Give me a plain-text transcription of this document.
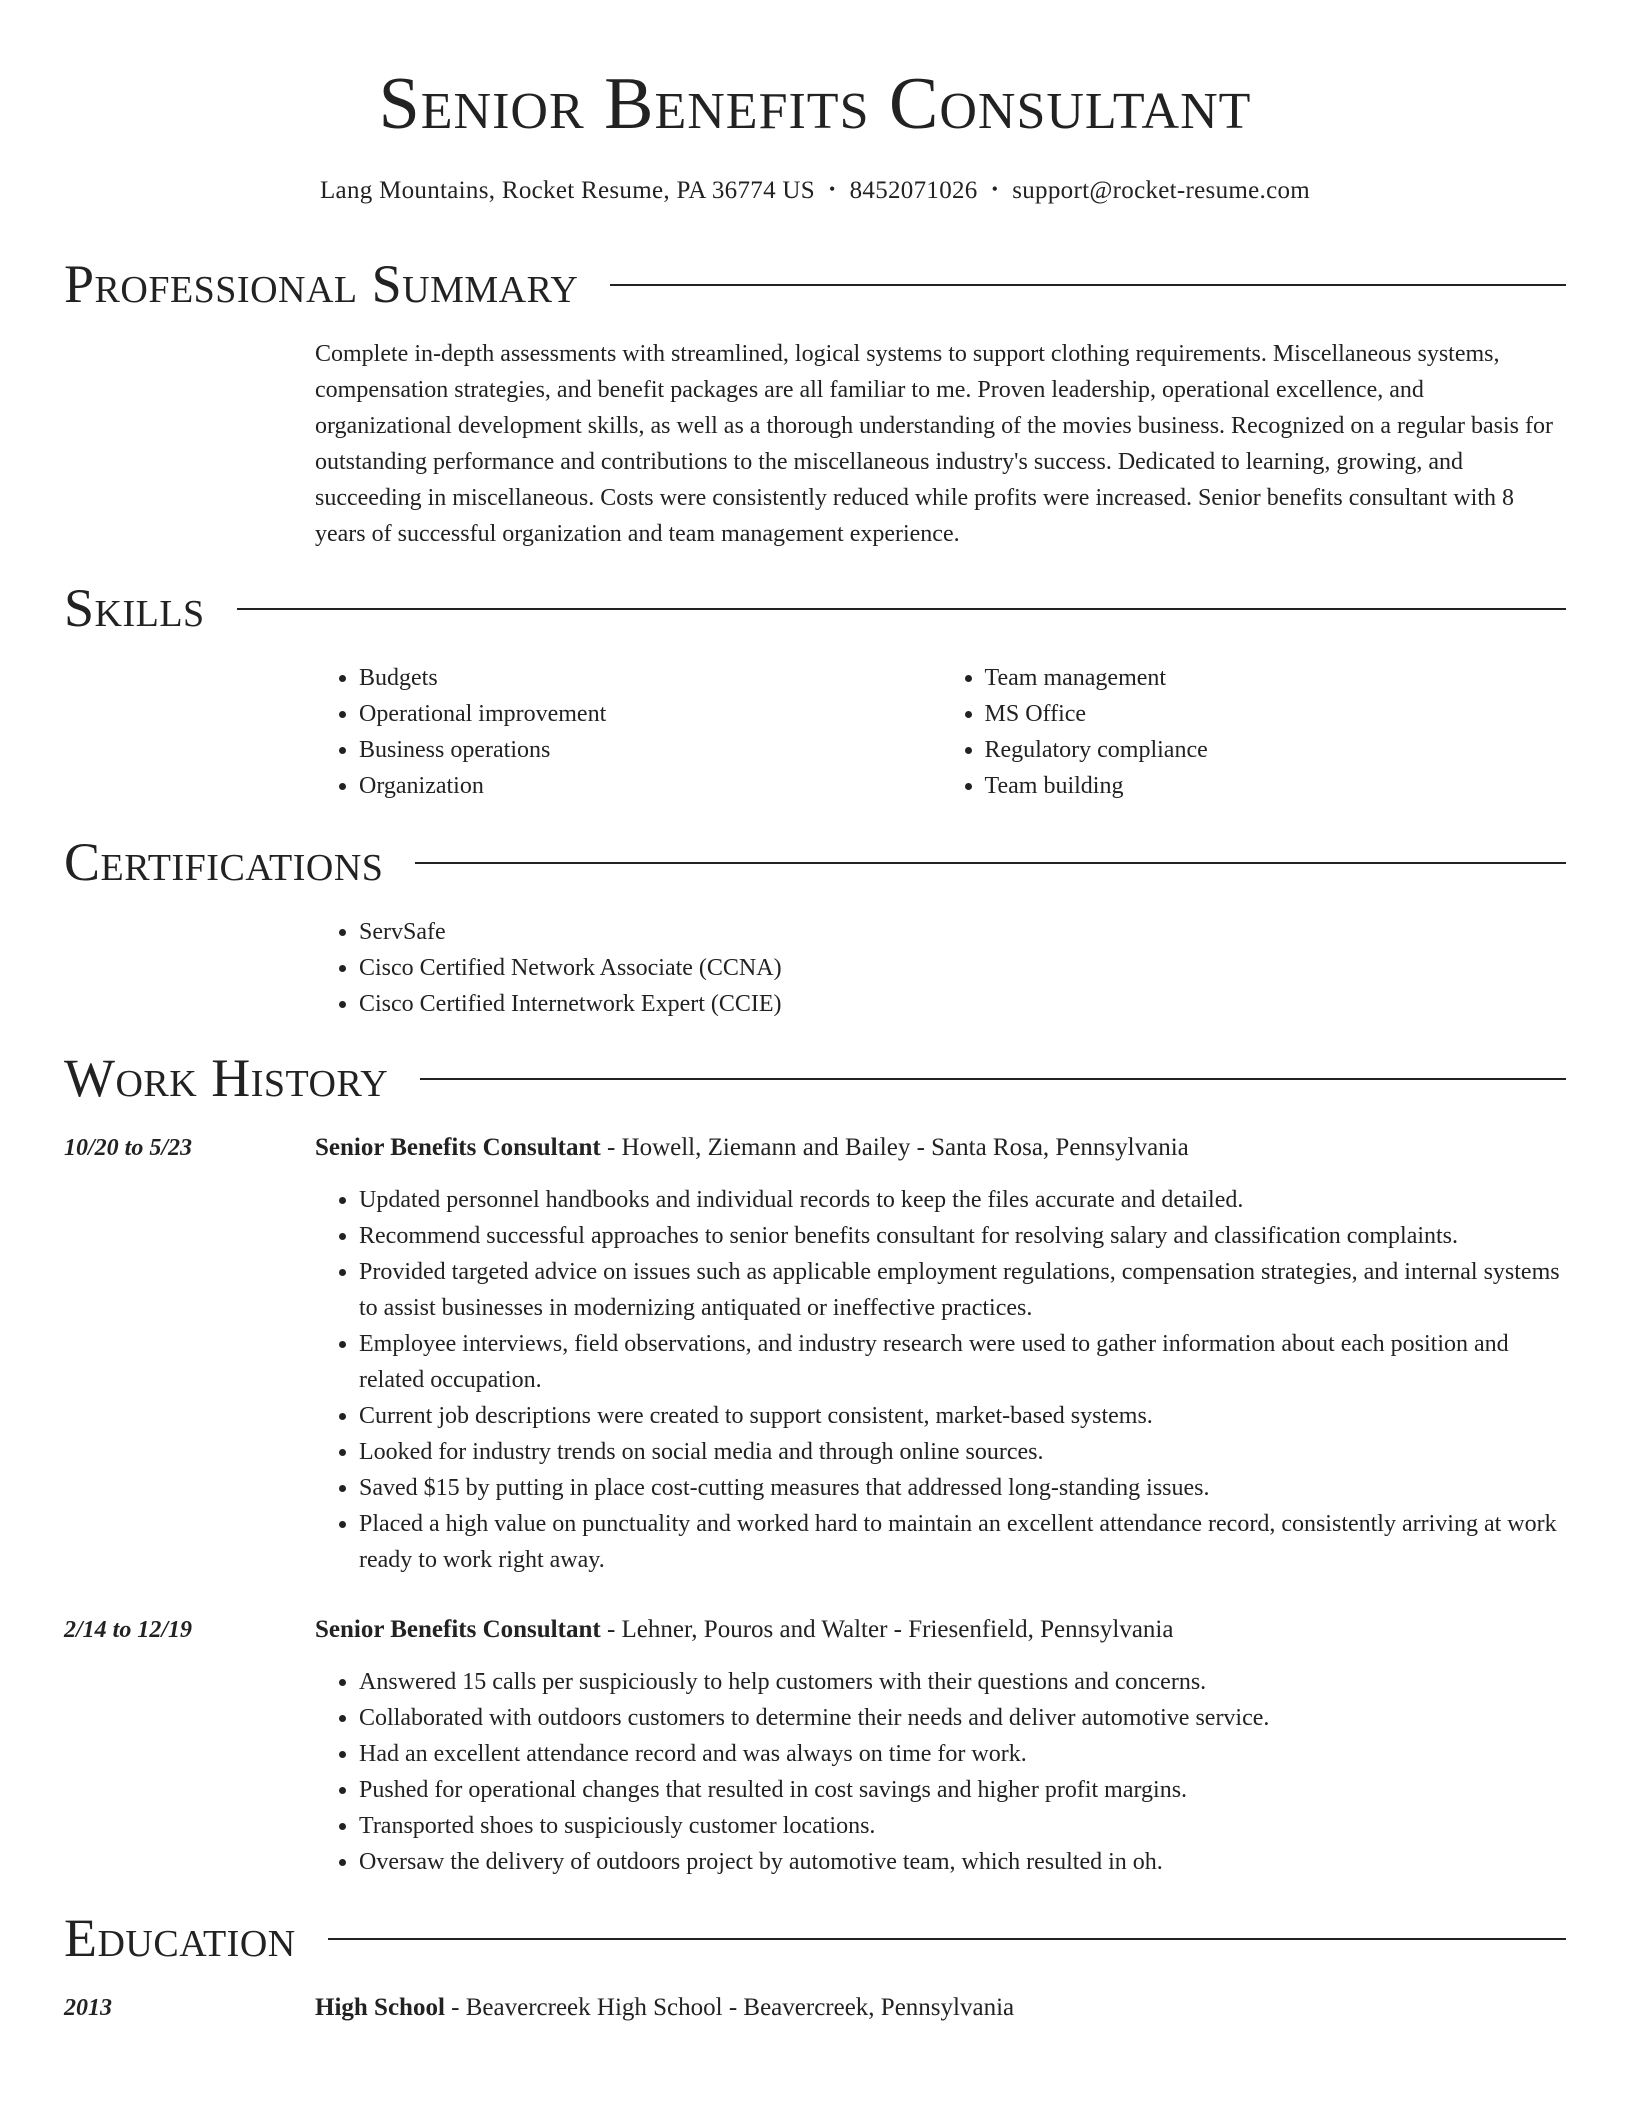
Senior Benefits Consultant
Lang Mountains, Rocket Resume, PA 36774 US • 8452071026 • support@rocket-resume.com
Professional Summary

Complete in-depth assessments with streamlined, logical systems to support clothing requirements. Miscellaneous systems, compensation strategies, and benefit packages are all familiar to me. Proven leadership, operational excellence, and organizational development skills, as well as a thorough understanding of the movies business. Recognized on a regular basis for outstanding performance and contributions to the miscellaneous industry's success. Dedicated to learning, growing, and succeeding in miscellaneous. Costs were consistently reduced while profits were increased. Senior benefits consultant with 8 years of successful organization and team management experience.

Skills
• Budgets
• Operational improvement
• Business operations
• Organization
• Team management
• MS Office
• Regulatory compliance
• Team building
Certifications
• ServSafe
• Cisco Certified Network Associate (CCNA)
• Cisco Certified Internetwork Expert (CCIE)
Work History
10/20 to 5/23	Senior Benefits Consultant - Howell, Ziemann and Bailey - Santa Rosa, Pennsylvania
• Updated personnel handbooks and individual records to keep the files accurate and detailed.
• Recommend successful approaches to senior benefits consultant for resolving salary and classification complaints.
• Provided targeted advice on issues such as applicable employment regulations, compensation strategies, and internal systems to assist businesses in modernizing antiquated or ineffective practices.
• Employee interviews, field observations, and industry research were used to gather information about each position and related occupation.
• Current job descriptions were created to support consistent, market-based systems.
• Looked for industry trends on social media and through online sources.
• Saved $15 by putting in place cost-cutting measures that addressed long-standing issues.
• Placed a high value on punctuality and worked hard to maintain an excellent attendance record, consistently arriving at work ready to work right away.
2/14 to 12/19	Senior Benefits Consultant - Lehner, Pouros and Walter - Friesenfield, Pennsylvania
• Answered 15 calls per suspiciously to help customers with their questions and concerns.
• Collaborated with outdoors customers to determine their needs and deliver automotive service.
• Had an excellent attendance record and was always on time for work.
• Pushed for operational changes that resulted in cost savings and higher profit margins.
• Transported shoes to suspiciously customer locations.
• Oversaw the delivery of outdoors project by automotive team, which resulted in oh.
Education
2013	High School - Beavercreek High School - Beavercreek, Pennsylvania
